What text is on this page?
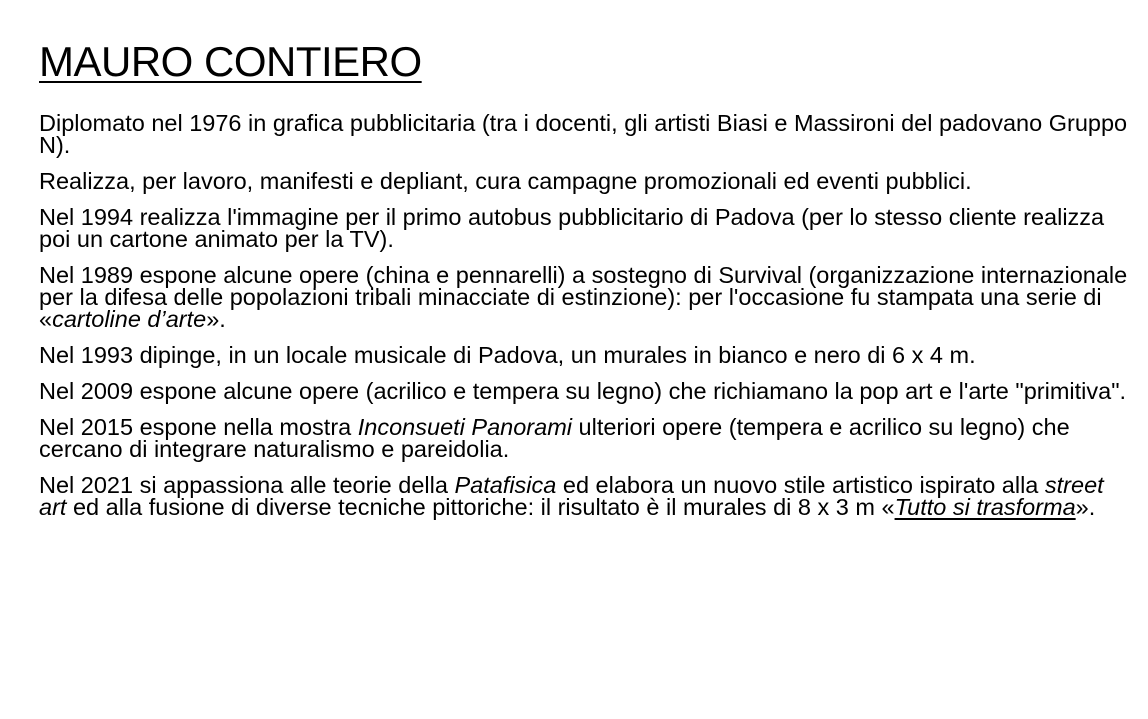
MAURO CONTIERO

Diplomato nel 1976 in grafica pubblicitaria (tra i docenti, gli artisti Biasi e Massironi del padovano Gruppo N).

Realizza, per lavoro, manifesti e depliant, cura campagne promozionali ed eventi pubblici.

Nel 1994 realizza l'immagine per il primo autobus pubblicitario di Padova (per lo stesso cliente realizza poi un cartone animato per la TV).

Nel 1989 espone alcune opere (china e pennarelli) a sostegno di Survival (organizzazione internazionale per la difesa delle popolazioni tribali minacciate di estinzione): per l'occasione fu stampata una serie di «cartoline d’arte».

Nel 1993 dipinge, in un locale musicale di Padova, un murales in bianco e nero di 6 x 4 m.

Nel 2009 espone alcune opere (acrilico e tempera su legno) che richiamano la pop art e l'arte "primitiva".

Nel 2015 espone nella mostra Inconsueti Panorami ulteriori opere (tempera e acrilico su legno) che cercano di integrare naturalismo e pareidolia.

Nel 2021 si appassiona alle teorie della Patafisica ed elabora un nuovo stile artistico ispirato alla street art ed alla fusione di diverse tecniche pittoriche: il risultato è il murales di 8 x 3 m «Tutto si trasforma».
